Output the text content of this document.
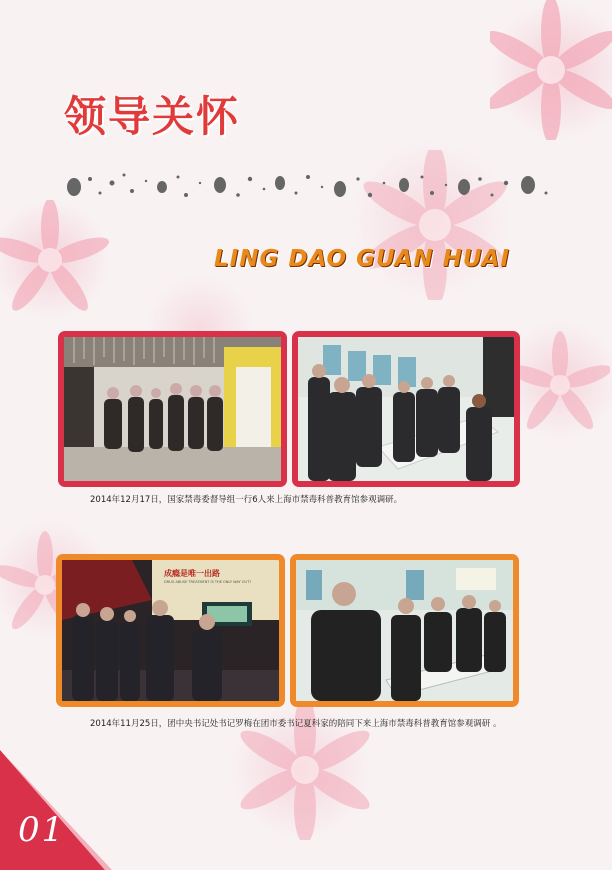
领导关怀
LING DAO GUAN HUAI
2014年12月17日，国家禁毒委督导组一行6人来上海市禁毒科普教育馆参观调研。
成瘾是唯一出路
DRUG ABUSE TREATMENT IS THE ONLY WAY OUT?
2014年11月25日，团中央书记处书记罗梅在团市委书记夏科家的陪同下来上海市禁毒科普教育馆参观调研 。
01
